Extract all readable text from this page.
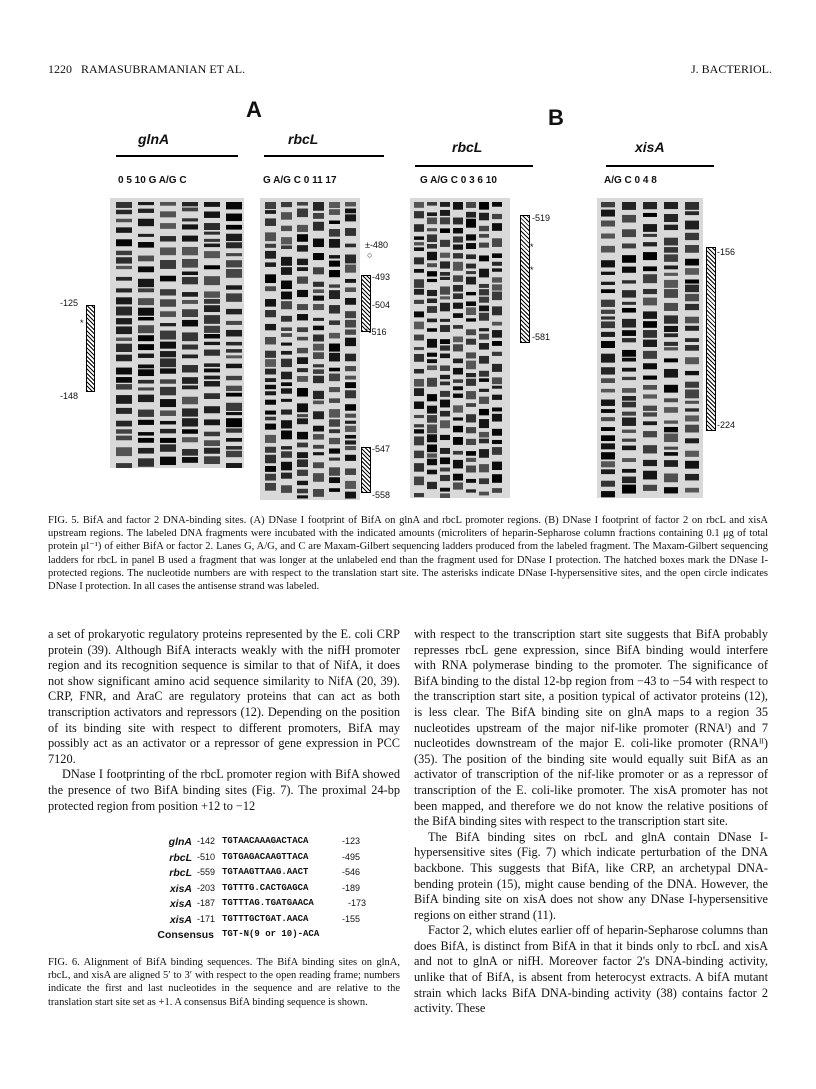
1220 RAMASUBRAMANIAN ET AL.	J. BACTERIOL.
A	B
glnA
0 5 10 G A/G C
-125
*
-148
rbcL
G A/G C 0 11 17
±-480
○
-493
-504
*-516
-547
-558
rbcL
G A/G C 0 3 6 10
-519
*
*
-581
xisA
A/G C 0 4 8
-156
-224
FIG. 5. BifA and factor 2 DNA-binding sites. (A) DNase I footprint of BifA on glnA and rbcL promoter regions. (B) DNase I footprint of factor 2 on rbcL and xisA upstream regions. The labeled DNA fragments were incubated with the indicated amounts (microliters of heparin-Sepharose column fractions containing 0.1 μg of total protein μl⁻¹) of either BifA or factor 2. Lanes G, A/G, and C are Maxam-Gilbert sequencing ladders produced from the labeled fragment. The Maxam-Gilbert sequencing ladders for rbcL in panel B used a fragment that was longer at the unlabeled end than the fragment used for DNase I protection. The hatched boxes mark the DNase I-protected regions. The nucleotide numbers are with respect to the translation start site. The asterisks indicate DNase I-hypersensitive sites, and the open circle indicates DNase I protection. In all cases the antisense strand was labeled.

a set of prokaryotic regulatory proteins represented by the E. coli CRP protein (39). Although BifA interacts weakly with the nifH promoter region and its recognition sequence is similar to that of NifA, it does not show significant amino acid sequence similarity to NifA (20, 39). CRP, FNR, and AraC are regulatory proteins that can act as both transcription activators and repressors (12). Depending on the position of its binding site with respect to different promoters, BifA may possibly act as an activator or a repressor of gene expression in PCC 7120.

DNase I footprinting of the rbcL promoter region with BifA showed the presence of two BifA binding sites (Fig. 7). The proximal 24-bp protected region from position +12 to −12

glnA -142 TGTAACAAAGACTACA	-123
rbcL -510 TGTGAGACAAGTTACA	-495
rbcL -559 TGTAAGTTAAG.AACT	-546
xisA -203 TGTTTG.CACTGAGCA	-189
xisA -187 TGTTTAG.TGATGAACA	-173
xisA -171 TGTTTGCTGAT.AACA	-155
Consensus TGT-N(9 or 10)-ACA
FIG. 6. Alignment of BifA binding sequences. The BifA binding sites on glnA, rbcL, and xisA are aligned 5′ to 3′ with respect to the open reading frame; numbers indicate the first and last nucleotides in the sequence and are relative to the translation start site set as +1. A consensus BifA binding sequence is shown.

with respect to the transcription start site suggests that BifA probably represses rbcL gene expression, since BifA binding would interfere with RNA polymerase binding to the promoter. The significance of BifA binding to the distal 12-bp region from −43 to −54 with respect to the transcription start site, a position typical of activator proteins (12), is less clear. The BifA binding site on glnA maps to a region 35 nucleotides upstream of the major nif-like promoter (RNAᴵ) and 7 nucleotides downstream of the major E. coli-like promoter (RNAᴵᴵ) (35). The position of the binding site would equally suit BifA as an activator of transcription of the nif-like promoter or as a repressor of transcription of the E. coli-like promoter. The xisA promoter has not been mapped, and therefore we do not know the relative positions of the BifA binding sites with respect to the transcription start site.

The BifA binding sites on rbcL and glnA contain DNase I-hypersensitive sites (Fig. 7) which indicate perturbation of the DNA backbone. This suggests that BifA, like CRP, an archetypal DNA-bending protein (15), might cause bending of the DNA. However, the BifA binding site on xisA does not show any DNase I-hypersensitive regions on either strand (11).

Factor 2, which elutes earlier off of heparin-Sepharose columns than does BifA, is distinct from BifA in that it binds only to rbcL and xisA and not to glnA or nifH. Moreover factor 2's DNA-binding activity, unlike that of BifA, is absent from heterocyst extracts. A bifA mutant strain which lacks BifA DNA-binding activity (38) contains factor 2 activity. These
